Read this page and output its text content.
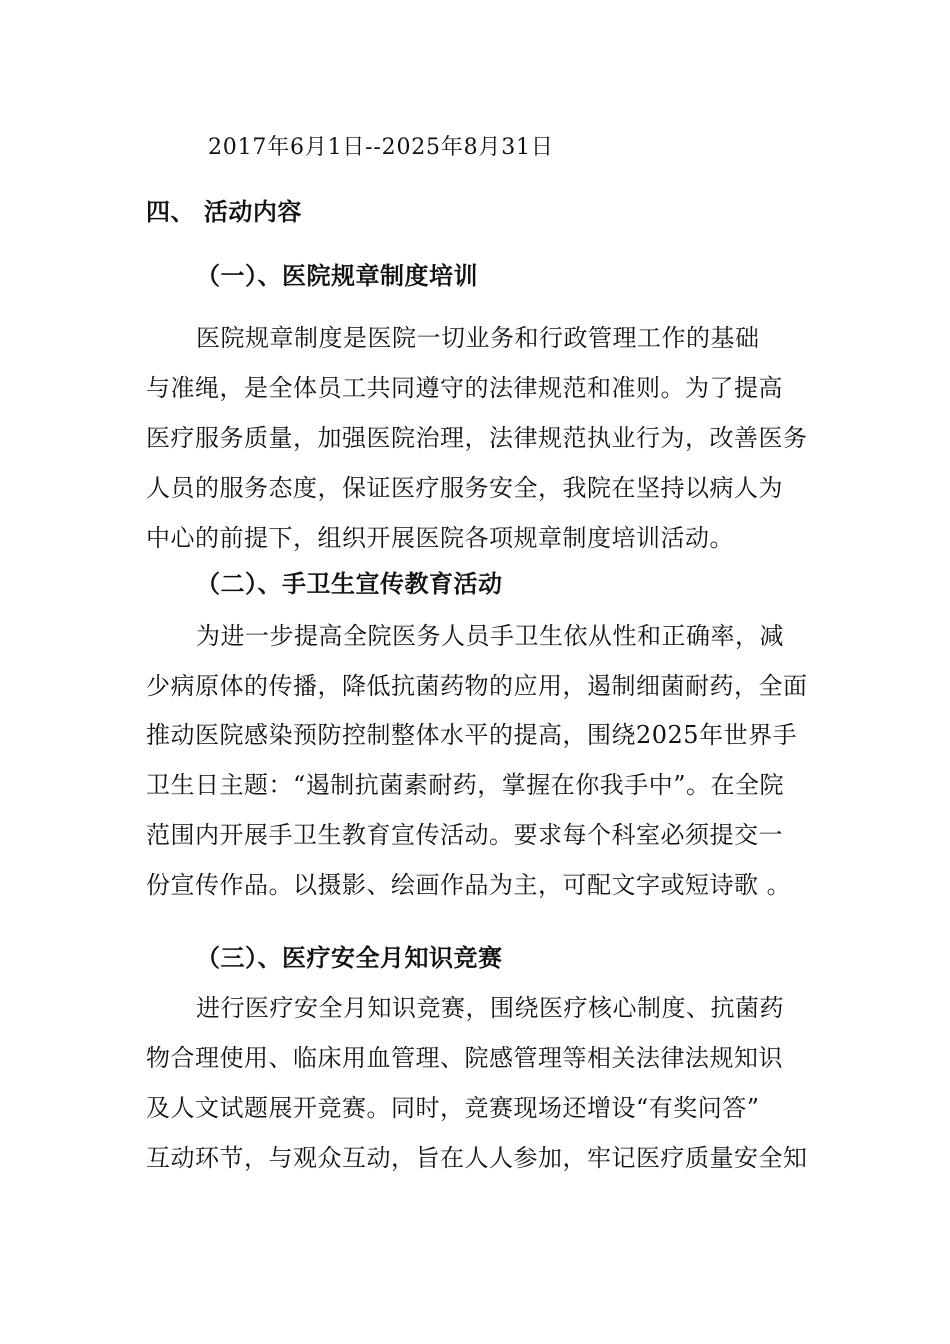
2017年6月1日--2025年8月31日
四、 活动内容
（一）、医院规章制度培训
医院规章制度是医院一切业务和行政管理工作的基础
与准绳，是全体员工共同遵守的法律规范和准则。为了提高
医疗服务质量，加强医院治理，法律规范执业行为，改善医务
人员的服务态度，保证医疗服务安全，我院在坚持以病人为
中心的前提下，组织开展医院各项规章制度培训活动。
（二）、手卫生宣传教育活动
为进一步提高全院医务人员手卫生依从性和正确率，减
少病原体的传播，降低抗菌药物的应用，遏制细菌耐药，全面
推动医院感染预防控制整体水平的提高，围绕2025年世界手
卫生日主题：“遏制抗菌素耐药，掌握在你我手中”。在全院
范围内开展手卫生教育宣传活动。要求每个科室必须提交一
份宣传作品。以摄影、绘画作品为主，可配文字或短诗歌 。
（三）、医疗安全月知识竞赛
进行医疗安全月知识竞赛，围绕医疗核心制度、抗菌药
物合理使用、临床用血管理、院感管理等相关法律法规知识
及人文试题展开竞赛。同时，竞赛现场还增设“有奖问答”
互动环节，与观众互动，旨在人人参加，牢记医疗质量安全知
